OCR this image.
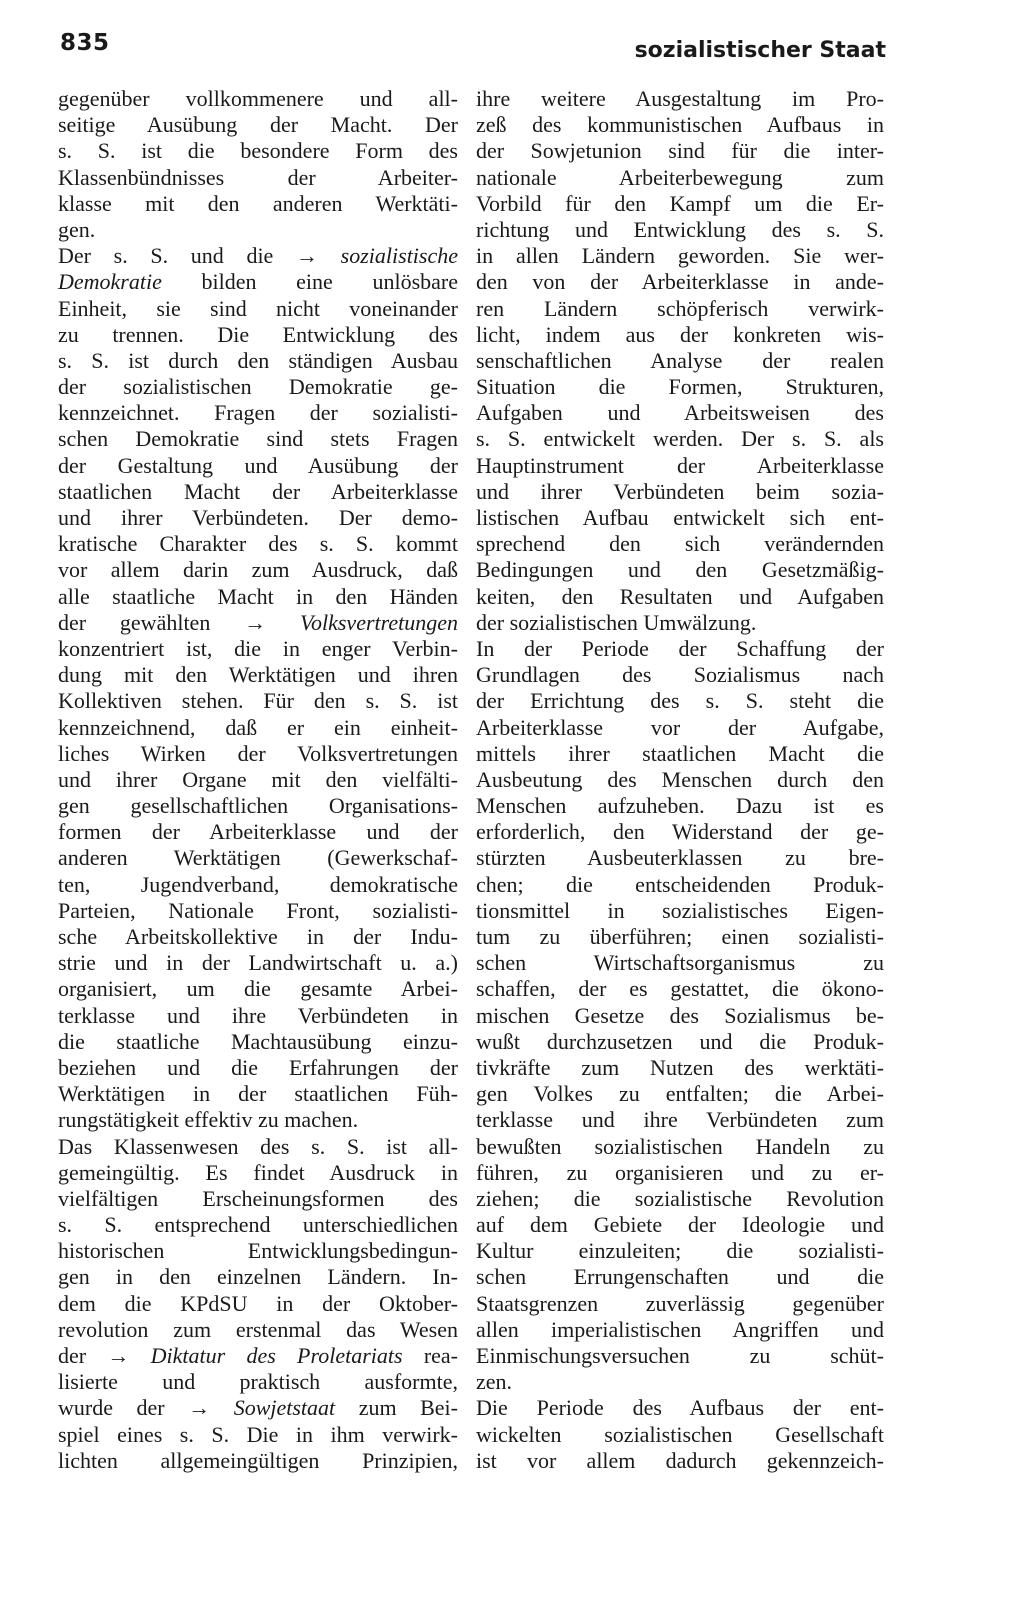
835	sozialistischer Staat
gegenüber vollkommenere und all-
seitige Ausübung der Macht. Der
s. S. ist die besondere Form des
Klassenbündnisses der Arbeiter-
klasse mit den anderen Werktäti-
gen.
Der s. S. und die → sozialistische
Demokratie bilden eine unlösbare
Einheit, sie sind nicht voneinander
zu trennen. Die Entwicklung des
s. S. ist durch den ständigen Ausbau
der sozialistischen Demokratie ge-
kennzeichnet. Fragen der sozialisti-
schen Demokratie sind stets Fragen
der Gestaltung und Ausübung der
staatlichen Macht der Arbeiterklasse
und ihrer Verbündeten. Der demo-
kratische Charakter des s. S. kommt
vor allem darin zum Ausdruck, daß
alle staatliche Macht in den Händen
der gewählten → Volksvertretungen
konzentriert ist, die in enger Verbin-
dung mit den Werktätigen und ihren
Kollektiven stehen. Für den s. S. ist
kennzeichnend, daß er ein einheit-
liches Wirken der Volksvertretungen
und ihrer Organe mit den vielfälti-
gen gesellschaftlichen Organisations-
formen der Arbeiterklasse und der
anderen Werktätigen (Gewerkschaf-
ten, Jugendverband, demokratische
Parteien, Nationale Front, sozialisti-
sche Arbeitskollektive in der Indu-
strie und in der Landwirtschaft u. a.)
organisiert, um die gesamte Arbei-
terklasse und ihre Verbündeten in
die staatliche Machtausübung einzu-
beziehen und die Erfahrungen der
Werktätigen in der staatlichen Füh-
rungstätigkeit effektiv zu machen.
Das Klassenwesen des s. S. ist all-
gemeingültig. Es findet Ausdruck in
vielfältigen Erscheinungsformen des
s. S. entsprechend unterschiedlichen
historischen Entwicklungsbedingun-
gen in den einzelnen Ländern. In-
dem die KPdSU in der Oktober-
revolution zum erstenmal das Wesen
der → Diktatur des Proletariats rea-
lisierte und praktisch ausformte,
wurde der → Sowjetstaat zum Bei-
spiel eines s. S. Die in ihm verwirk-
lichten allgemeingültigen Prinzipien,
ihre weitere Ausgestaltung im Pro-
zeß des kommunistischen Aufbaus in
der Sowjetunion sind für die inter-
nationale Arbeiterbewegung zum
Vorbild für den Kampf um die Er-
richtung und Entwicklung des s. S.
in allen Ländern geworden. Sie wer-
den von der Arbeiterklasse in ande-
ren Ländern schöpferisch verwirk-
licht, indem aus der konkreten wis-
senschaftlichen Analyse der realen
Situation die Formen, Strukturen,
Aufgaben und Arbeitsweisen des
s. S. entwickelt werden. Der s. S. als
Hauptinstrument der Arbeiterklasse
und ihrer Verbündeten beim sozia-
listischen Aufbau entwickelt sich ent-
sprechend den sich verändernden
Bedingungen und den Gesetzmäßig-
keiten, den Resultaten und Aufgaben
der sozialistischen Umwälzung.
In der Periode der Schaffung der
Grundlagen des Sozialismus nach
der Errichtung des s. S. steht die
Arbeiterklasse vor der Aufgabe,
mittels ihrer staatlichen Macht die
Ausbeutung des Menschen durch den
Menschen aufzuheben. Dazu ist es
erforderlich, den Widerstand der ge-
stürzten Ausbeuterklassen zu bre-
chen; die entscheidenden Produk-
tionsmittel in sozialistisches Eigen-
tum zu überführen; einen sozialisti-
schen Wirtschaftsorganismus zu
schaffen, der es gestattet, die ökono-
mischen Gesetze des Sozialismus be-
wußt durchzusetzen und die Produk-
tivkräfte zum Nutzen des werktäti-
gen Volkes zu entfalten; die Arbei-
terklasse und ihre Verbündeten zum
bewußten sozialistischen Handeln zu
führen, zu organisieren und zu er-
ziehen; die sozialistische Revolution
auf dem Gebiete der Ideologie und
Kultur einzuleiten; die sozialisti-
schen Errungenschaften und die
Staatsgrenzen zuverlässig gegenüber
allen imperialistischen Angriffen und
Einmischungsversuchen zu schüt-
zen.
Die Periode des Aufbaus der ent-
wickelten sozialistischen Gesellschaft
ist vor allem dadurch gekennzeich-
